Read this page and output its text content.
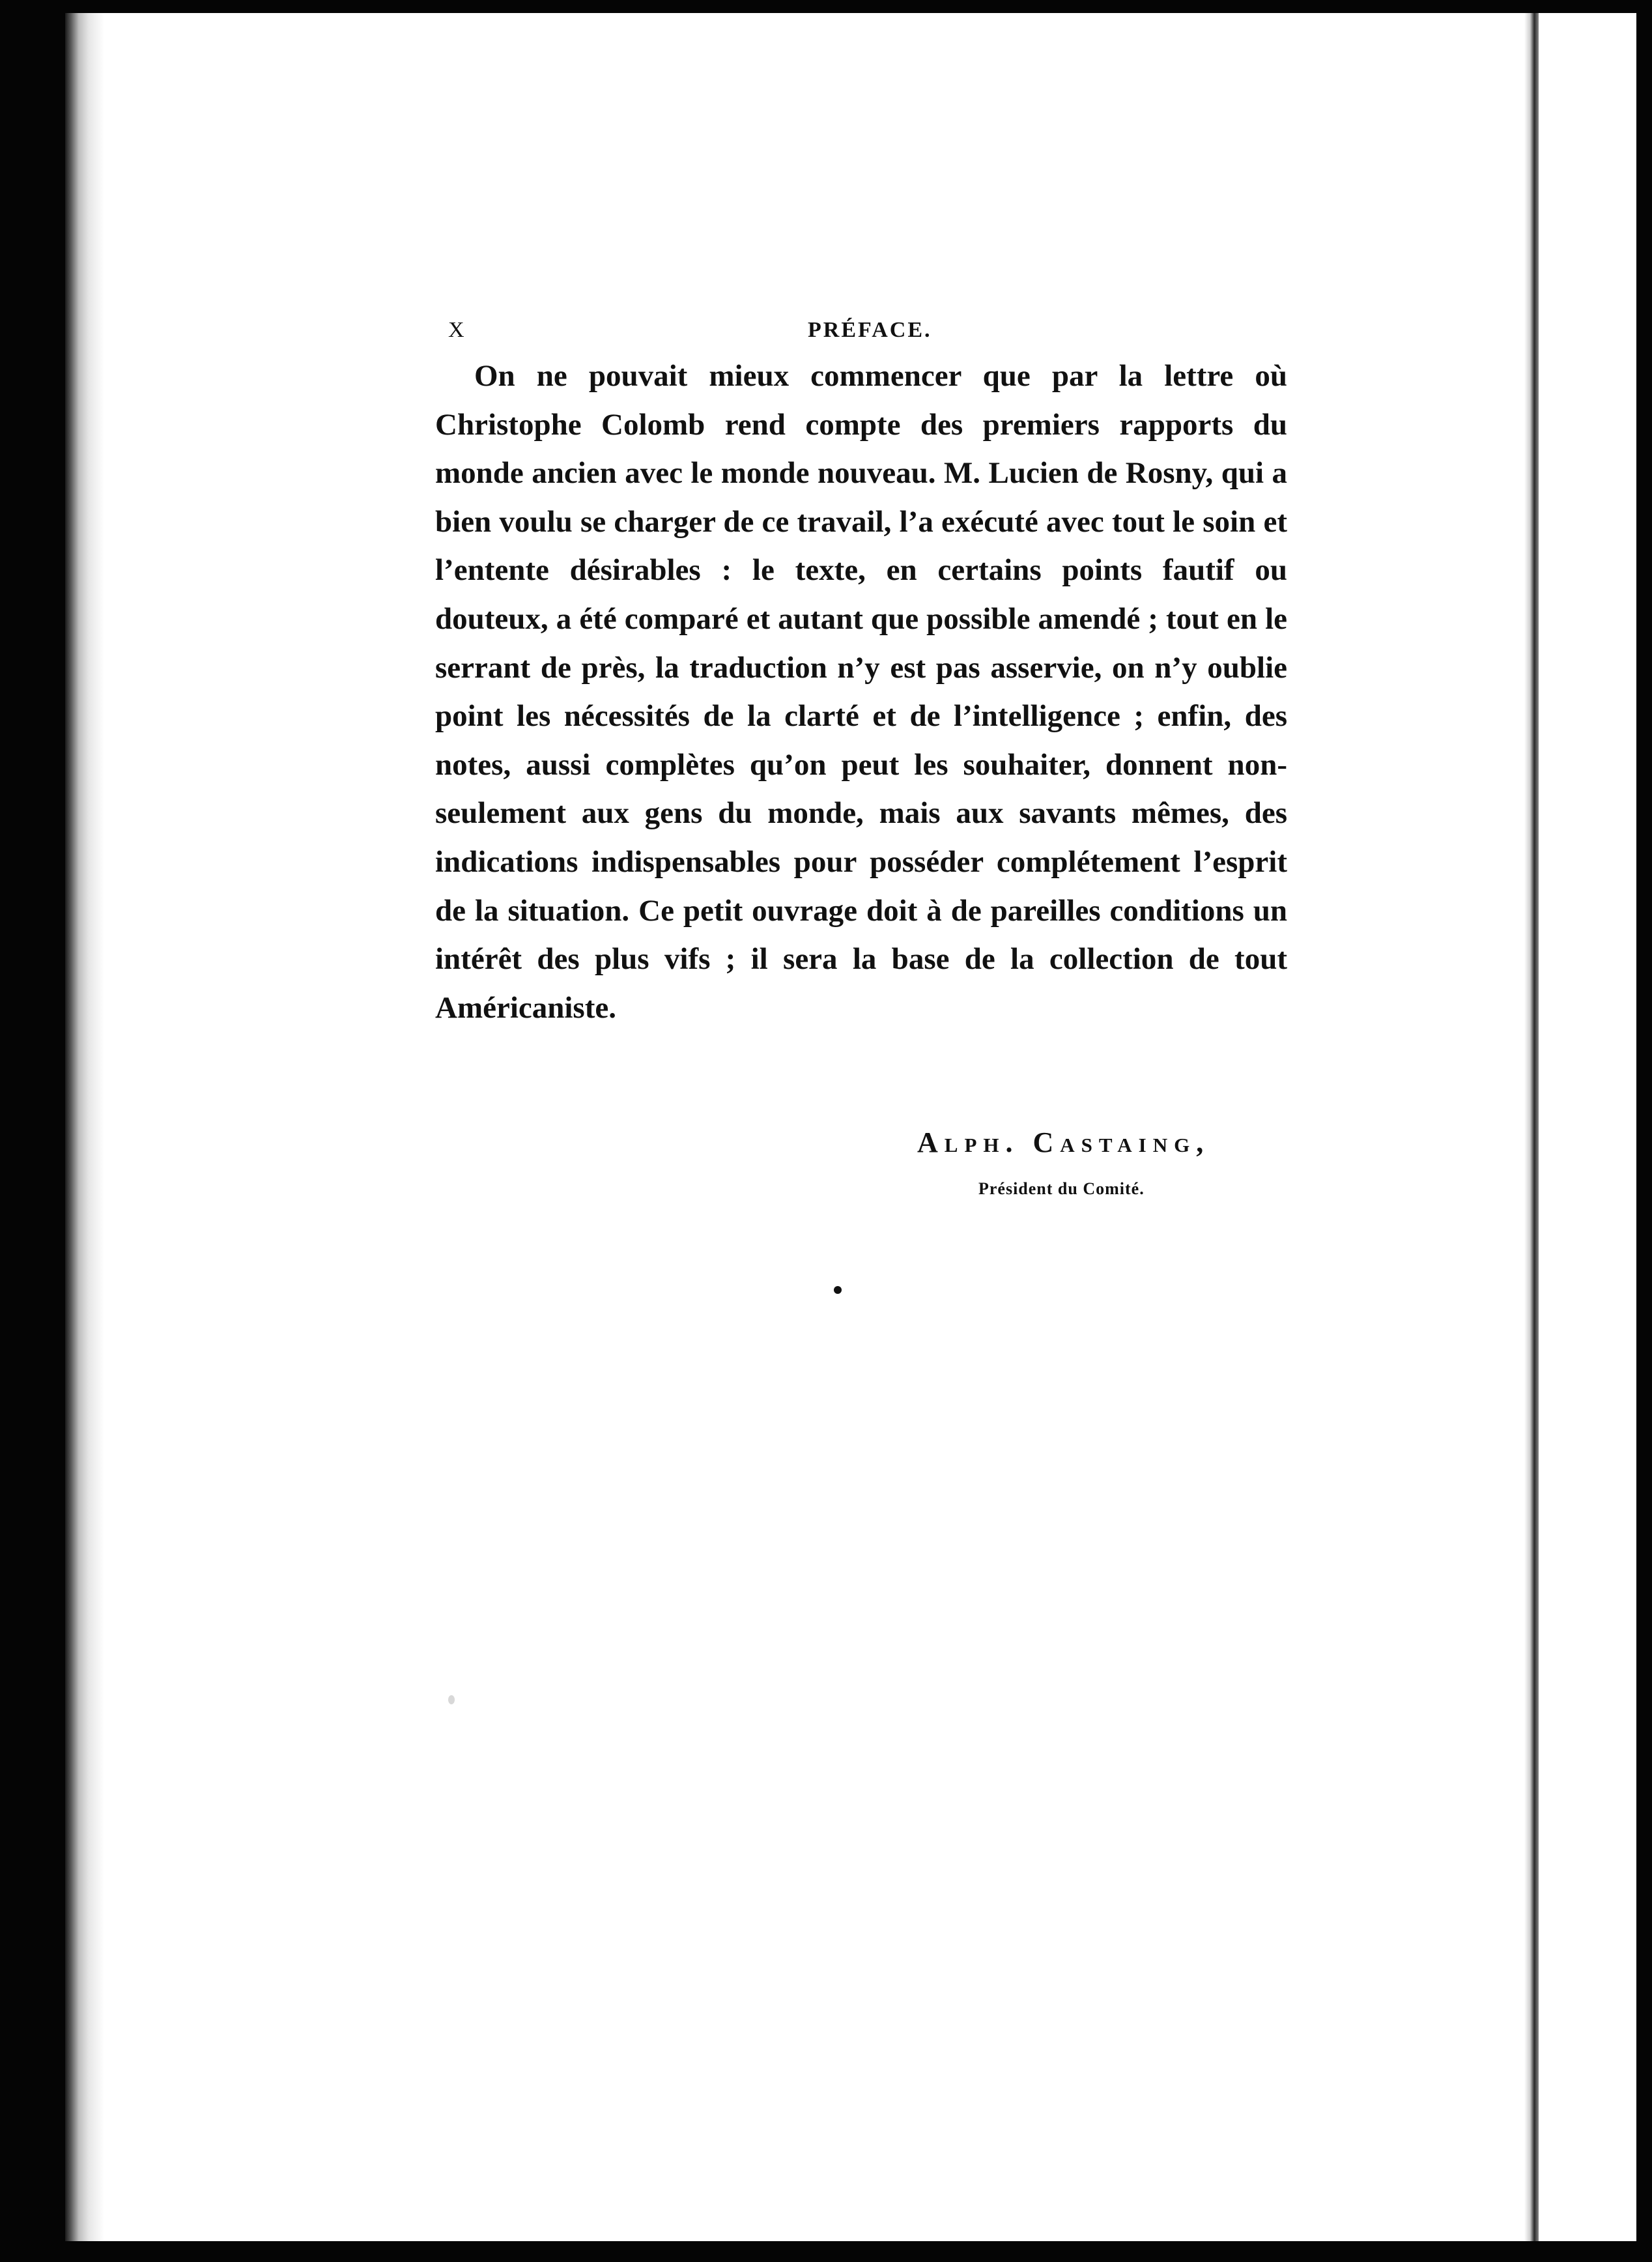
X	PRÉFACE.

On ne pouvait mieux commencer que par la lettre où Christophe Colomb rend compte des premiers rapports du monde ancien avec le monde nouveau. M. Lucien de Rosny, qui a bien voulu se charger de ce travail, l’a exécuté avec tout le soin et l’entente désirables : le texte, en certains points fautif ou douteux, a été comparé et autant que possible amendé ; tout en le serrant de près, la traduction n’y est pas asservie, on n’y oublie point les nécessités de la clarté et de l’intelligence ; enfin, des notes, aussi complètes qu’on peut les souhaiter, donnent non-seulement aux gens du monde, mais aux savants mêmes, des indications indispensables pour posséder complétement l’esprit de la situation. Ce petit ouvrage doit à de pareilles conditions un intérêt des plus vifs ; il sera la base de la collection de tout Américaniste.

Alph. Castaing,
Président du Comité.
